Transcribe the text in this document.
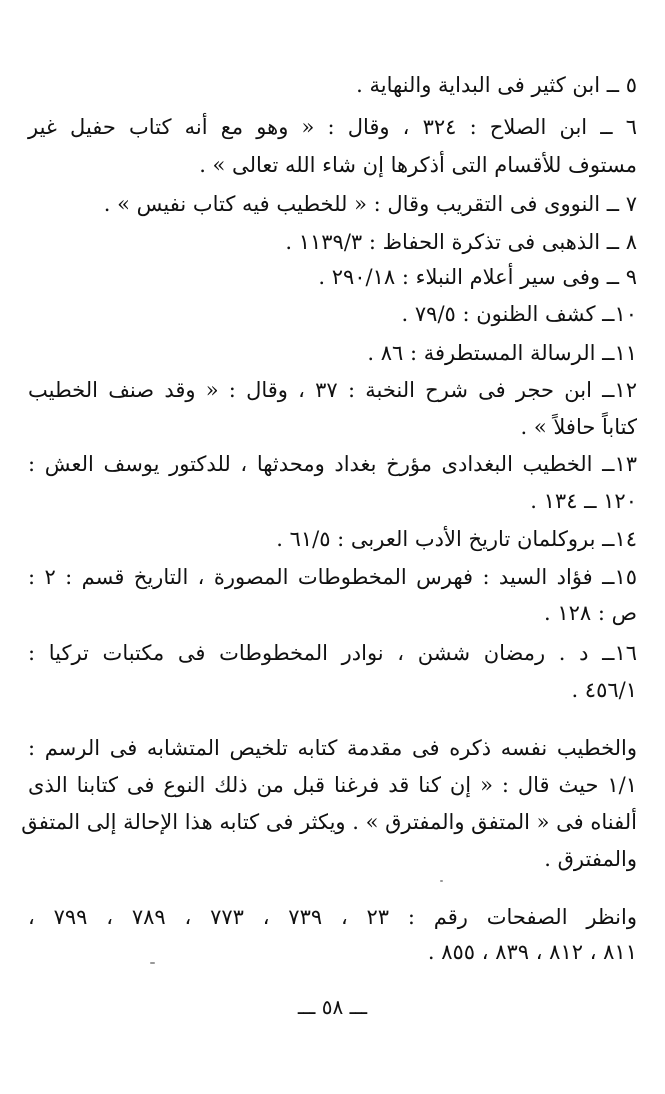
٥ ــ ابن كثير فى البداية والنهاية .
٦ ــ ابن الصلاح : ٣٢٤ ، وقال : « وهو مع أنه كتاب حفيل غير
مستوف للأقسام التى أذكرها إن شاء الله تعالى » .
٧ ــ النووى فى التقريب وقال : « للخطيب فيه كتاب نفيس » .
٨ ــ الذهبى فى تذكرة الحفاظ : ١١٣٩/٣ .
٩ ــ وفى سير أعلام النبلاء : ٢٩٠/١٨ .
١٠ــ كشف الظنون : ٧٩/٥ .
١١ــ الرسالة المستطرفة : ٨٦ .
١٢ــ ابن حجر فى شرح النخبة : ٣٧ ، وقال : « وقد صنف الخطيب
كتاباً حافلاً » .
١٣ــ الخطيب البغدادى مؤرخ بغداد ومحدثها ، للدكتور يوسف العش :
١٢٠ ــ ١٣٤ .
١٤ــ بروكلمان تاريخ الأدب العربى : ٦١/٥ .
١٥ــ فؤاد السيد : فهرس المخطوطات المصورة ، التاريخ قسم : ٢ :
ص : ١٢٨ .
١٦ــ د . رمضان ششن ، نوادر المخطوطات فى مكتبات تركيا :
٤٥٦/١ .
والخطيب نفسه ذكره فى مقدمة كتابه تلخيص المتشابه فى الرسم :
١/١ حيث قال : « إن كنا قد فرغنا قبل من ذلك النوع فى كتابنا الذى
ألفناه فى « المتفق والمفترق » . ويكثر فى كتابه هذا الإحالة إلى المتفق
والمفترق .
وانظر الصفحات رقم : ٢٣ ، ٧٣٩ ، ٧٧٣ ، ٧٨٩ ، ٧٩٩ ،
٨١١ ، ٨١٢ ، ٨٣٩ ، ٨٥٥ .
ـــ ٥٨ ـــ
